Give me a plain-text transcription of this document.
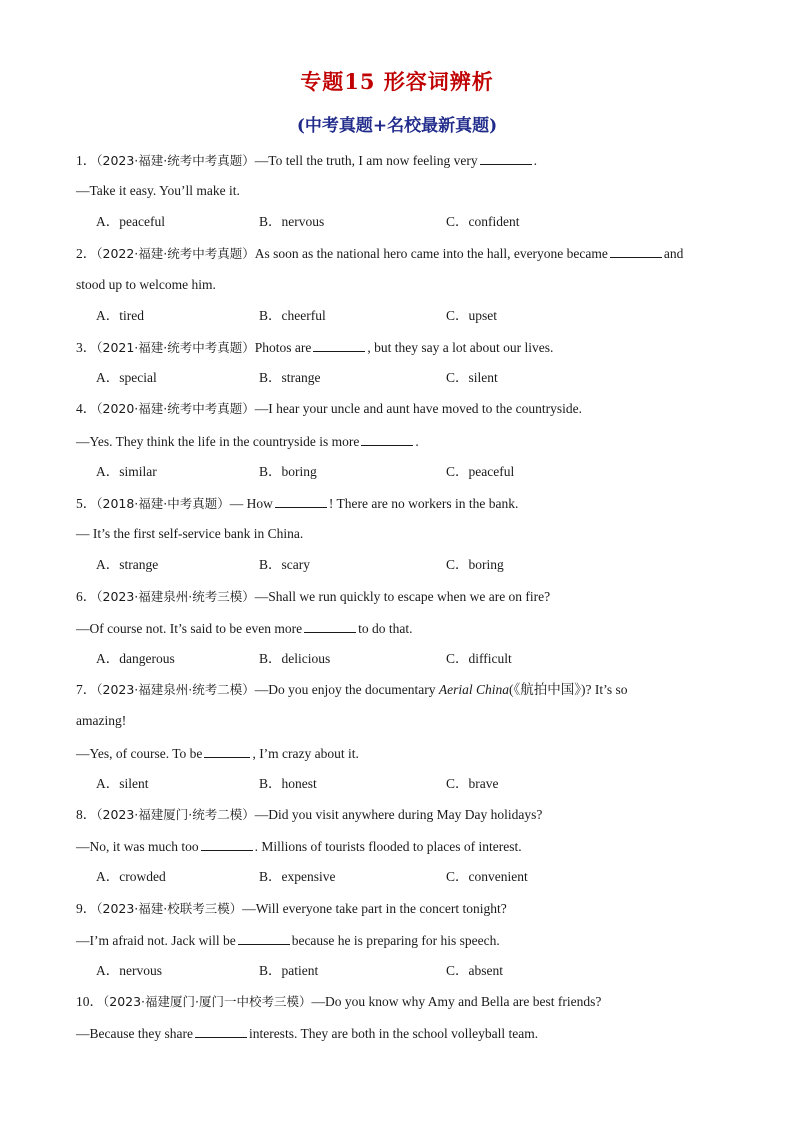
专题15 形容词辨析
(中考真题+名校最新真题)
1．（2023·福建·统考中考真题）—To tell the truth, I am now feeling very	.
—Take it easy. You’ll make it.
A．peaceful	B．nervous	C．confident
2．（2022·福建·统考中考真题）As soon as the national hero came into the hall, everyone became	and
stood up to welcome him.
A．tired	B．cheerful	C．upset
3．（2021·福建·统考中考真题）Photos are	, but they say a lot about our lives.
A．special	B．strange	C．silent
4．（2020·福建·统考中考真题）—I hear your uncle and aunt have moved to the countryside.
—Yes. They think the life in the countryside is more	.
A．similar	B．boring	C．peaceful
5．（2018·福建·中考真题）— How	! There are no workers in the bank.
— It’s the first self-service bank in China.
A．strange	B．scary	C．boring
6．（2023·福建泉州·统考三模）—Shall we run quickly to escape when we are on fire?
—Of course not. It’s said to be even more	to do that.
A．dangerous	B．delicious	C．difficult
7．（2023·福建泉州·统考二模）—Do you enjoy the documentary Aerial China(《航拍中国》)? It’s so
amazing!
—Yes, of course. To be	, I’m crazy about it.
A．silent	B．honest	C．brave
8．（2023·福建厦门·统考二模）—Did you visit anywhere during May Day holidays?
—No, it was much too	. Millions of tourists flooded to places of interest.
A．crowded	B．expensive	C．convenient
9．（2023·福建·校联考三模）—Will everyone take part in the concert tonight?
—I’m afraid not. Jack will be	because he is preparing for his speech.
A．nervous	B．patient	C．absent
10．（2023·福建厦门·厦门一中校考三模）—Do you know why Amy and Bella are best friends?
—Because they share	interests. They are both in the school volleyball team.
